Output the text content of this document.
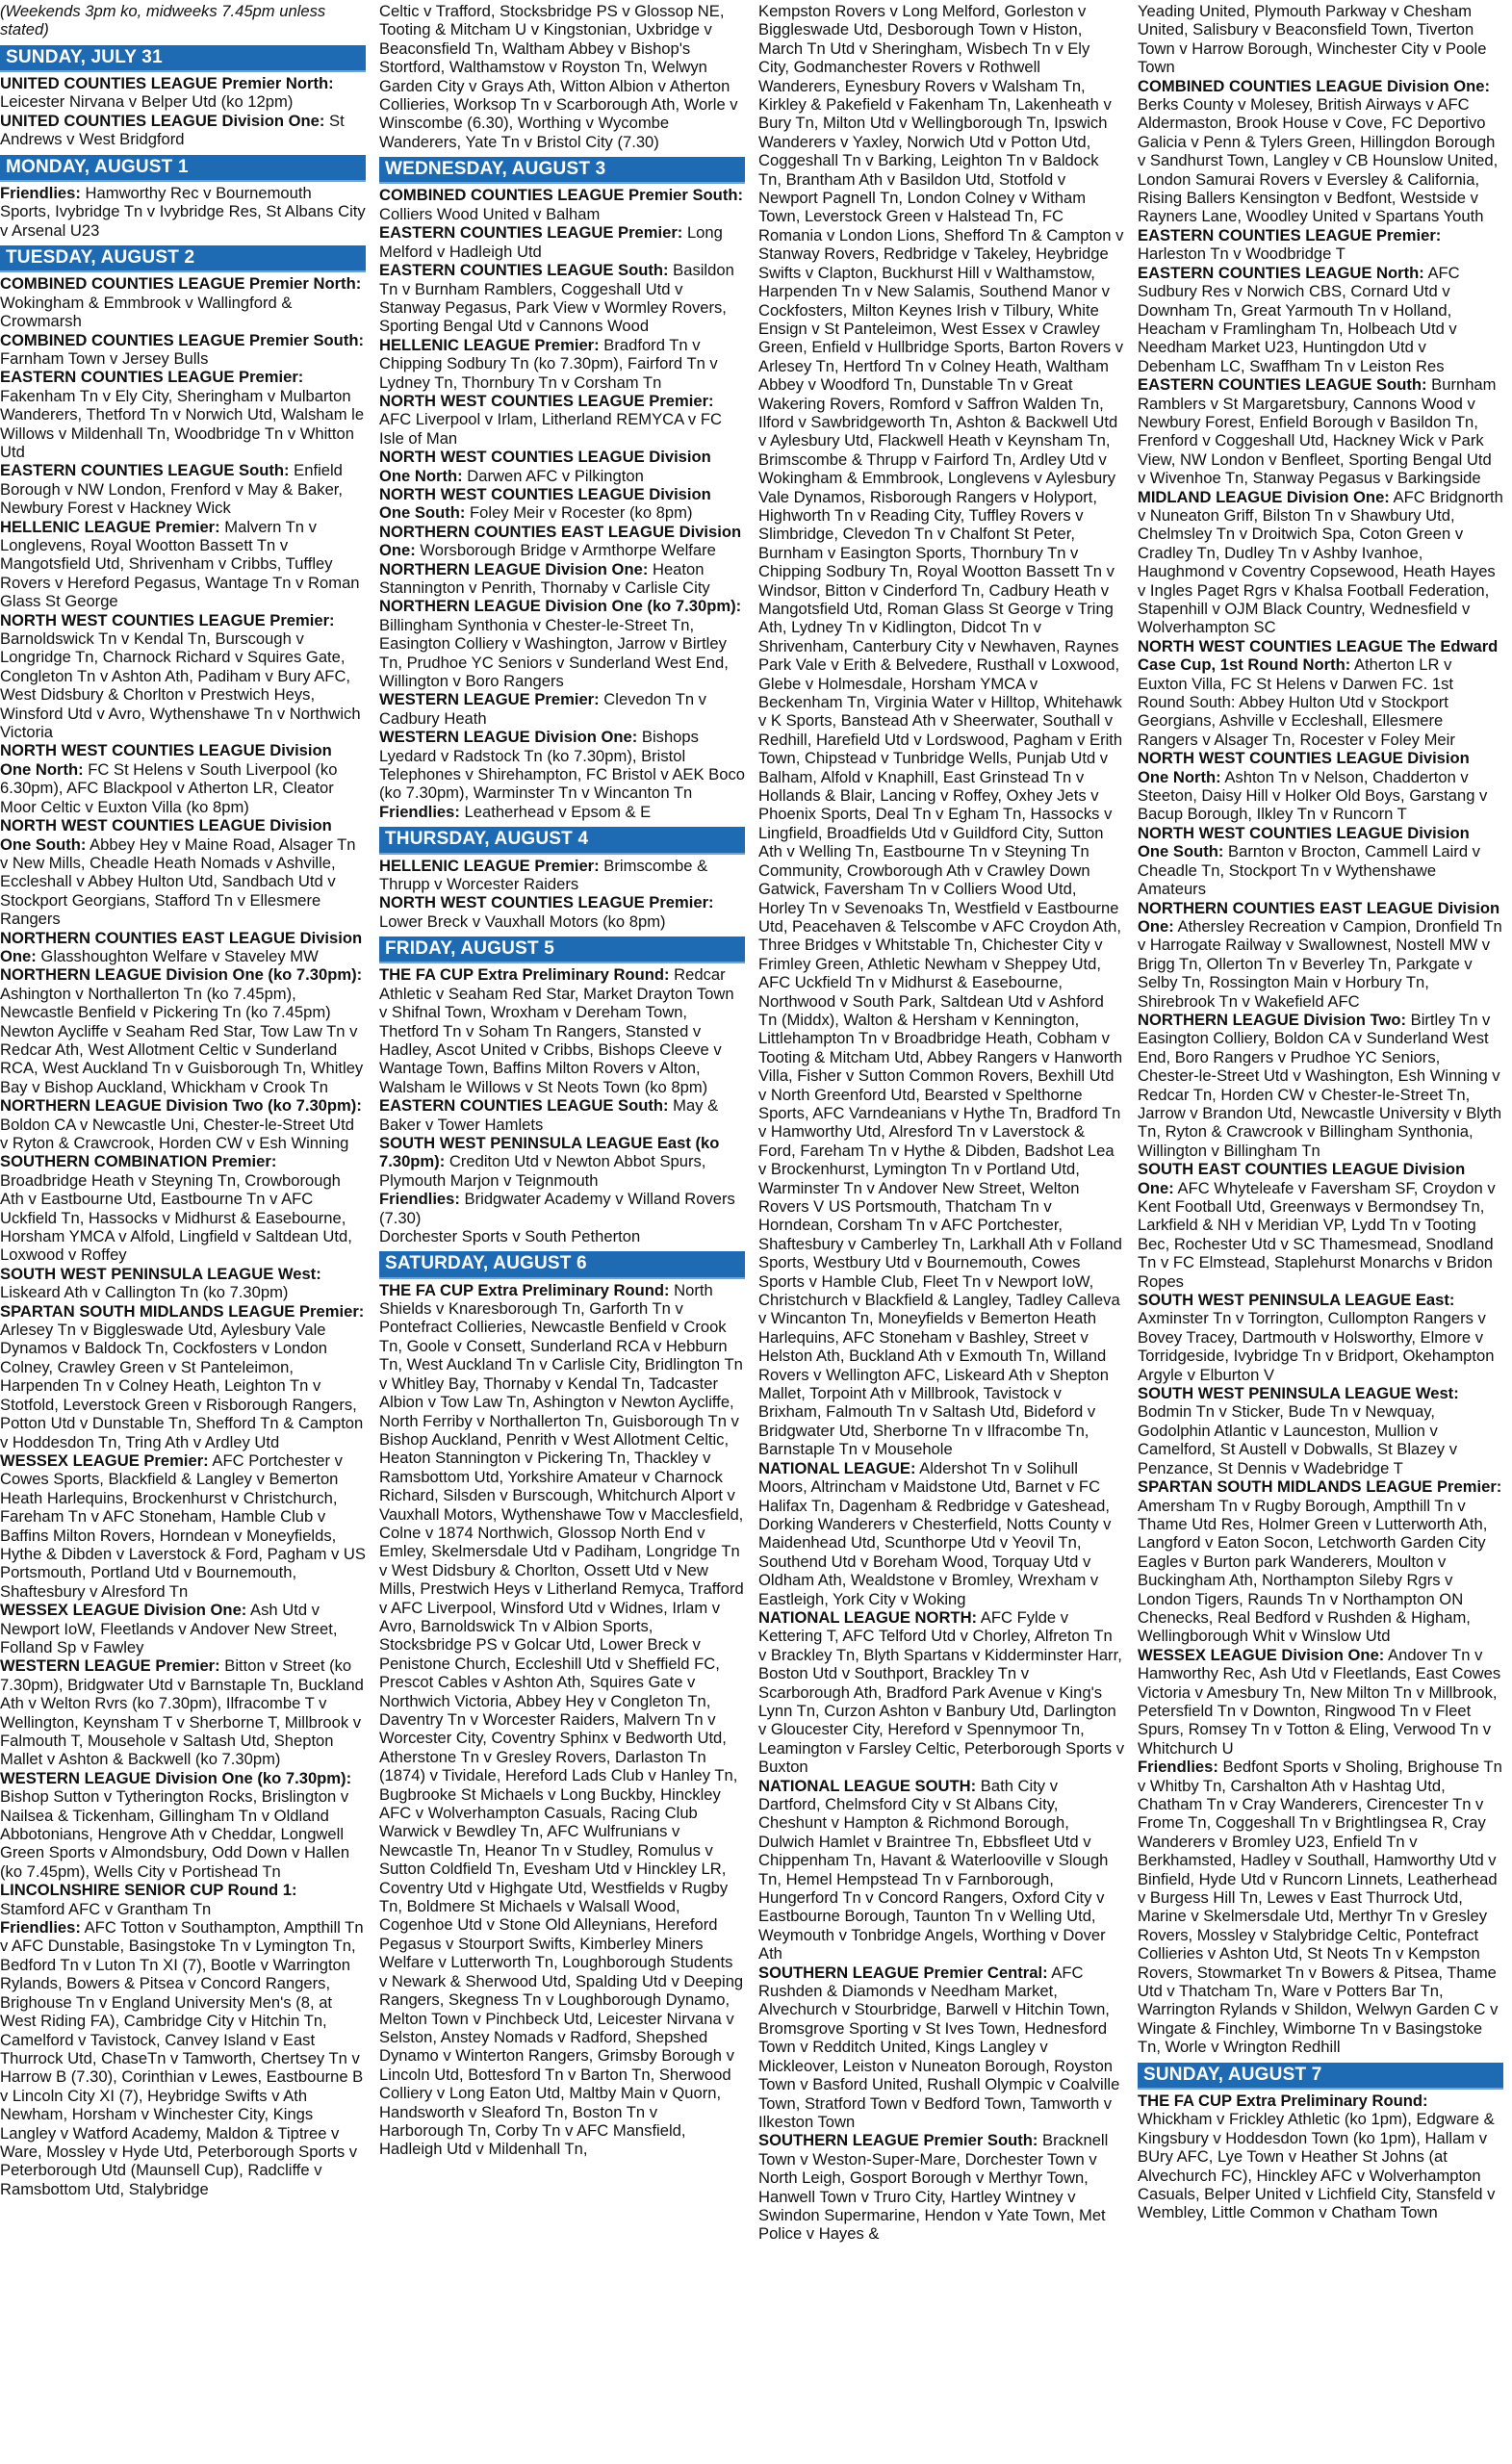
(Weekends 3pm ko, midweeks 7.45pm unless stated)

SUNDAY, JULY 31

UNITED COUNTIES LEAGUE Premier North: Leicester Nirvana v Belper Utd (ko 12pm)

UNITED COUNTIES LEAGUE Division One: St Andrews v West Bridgford

MONDAY, AUGUST 1

Friendlies: Hamworthy Rec v Bournemouth Sports, Ivybridge Tn v Ivybridge Res, St Albans City v Arsenal U23

TUESDAY, AUGUST 2

COMBINED COUNTIES LEAGUE Premier North: Wokingham & Emmbrook v Wallingford & Crowmarsh

COMBINED COUNTIES LEAGUE Premier South: Farnham Town v Jersey Bulls

EASTERN COUNTIES LEAGUE Premier: Fakenham Tn v Ely City, Sheringham v Mulbarton Wanderers, Thetford Tn v Norwich Utd, Walsham le Willows v Mildenhall Tn, Woodbridge Tn v Whitton Utd

EASTERN COUNTIES LEAGUE South: Enfield Borough v NW London, Frenford v May & Baker, Newbury Forest v Hackney Wick

HELLENIC LEAGUE Premier: Malvern Tn v Longlevens, Royal Wootton Bassett Tn v Mangotsfield Utd, Shrivenham v Cribbs, Tuffley Rovers v Hereford Pegasus, Wantage Tn v Roman Glass St George

NORTH WEST COUNTIES LEAGUE Premier: Barnoldswick Tn v Kendal Tn, Burscough v Longridge Tn, Charnock Richard v Squires Gate, Congleton Tn v Ashton Ath, Padiham v Bury AFC, West Didsbury & Chorlton v Prestwich Heys, Winsford Utd v Avro, Wythenshawe Tn v Northwich Victoria

NORTH WEST COUNTIES LEAGUE Division One North: FC St Helens v South Liverpool (ko 6.30pm), AFC Blackpool v Atherton LR, Cleator Moor Celtic v Euxton Villa (ko 8pm)

NORTH WEST COUNTIES LEAGUE Division One South: Abbey Hey v Maine Road, Alsager Tn v New Mills, Cheadle Heath Nomads v Ashville, Eccleshall v Abbey Hulton Utd, Sandbach Utd v Stockport Georgians, Stafford Tn v Ellesmere Rangers

NORTHERN COUNTIES EAST LEAGUE Division One: Glasshoughton Welfare v Staveley MW

NORTHERN LEAGUE Division One (ko 7.30pm): Ashington v Northallerton Tn (ko 7.45pm), Newcastle Benfield v Pickering Tn (ko 7.45pm) Newton Aycliffe v Seaham Red Star, Tow Law Tn v Redcar Ath, West Allotment Celtic v Sunderland RCA, West Auckland Tn v Guisborough Tn, Whitley Bay v Bishop Auckland, Whickham v Crook Tn

NORTHERN LEAGUE Division Two (ko 7.30pm): Boldon CA v Newcastle Uni, Chester-le-Street Utd v Ryton & Crawcrook, Horden CW v Esh Winning

SOUTHERN COMBINATION Premier: Broadbridge Heath v Steyning Tn, Crowborough Ath v Eastbourne Utd, Eastbourne Tn v AFC Uckfield Tn, Hassocks v Midhurst & Easebourne, Horsham YMCA v Alfold, Lingfield v Saltdean Utd, Loxwood v Roffey

SOUTH WEST PENINSULA LEAGUE West: Liskeard Ath v Callington Tn (ko 7.30pm)

SPARTAN SOUTH MIDLANDS LEAGUE Premier: Arlesey Tn v Biggleswade Utd, Aylesbury Vale Dynamos v Baldock Tn, Cockfosters v London Colney, Crawley Green v St Panteleimon, Harpenden Tn v Colney Heath, Leighton Tn v Stotfold, Leverstock Green v Risborough Rangers, Potton Utd v Dunstable Tn, Shefford Tn & Campton v Hoddesdon Tn, Tring Ath v Ardley Utd

WESSEX LEAGUE Premier: AFC Portchester v Cowes Sports, Blackfield & Langley v Bemerton Heath Harlequins, Brockenhurst v Christchurch, Fareham Tn v AFC Stoneham, Hamble Club v Baffins Milton Rovers, Horndean v Moneyfields, Hythe & Dibden v Laverstock & Ford, Pagham v US Portsmouth, Portland Utd v Bournemouth, Shaftesbury v Alresford Tn

WESSEX LEAGUE Division One: Ash Utd v Newport IoW, Fleetlands v Andover New Street, Folland Sp v Fawley

WESTERN LEAGUE Premier: Bitton v Street (ko 7.30pm), Bridgwater Utd v Barnstaple Tn, Buckland Ath v Welton Rvrs (ko 7.30pm), Ilfracombe T v Wellington, Keynsham T v Sherborne T, Millbrook v Falmouth T, Mousehole v Saltash Utd, Shepton Mallet v Ashton & Backwell (ko 7.30pm)

WESTERN LEAGUE Division One (ko 7.30pm): Bishop Sutton v Tytherington Rocks, Brislington v Nailsea & Tickenham, Gillingham Tn v Oldland Abbotonians, Hengrove Ath v Cheddar, Longwell Green Sports v Almondsbury, Odd Down v Hallen (ko 7.45pm), Wells City v Portishead Tn

LINCOLNSHIRE SENIOR CUP Round 1: Stamford AFC v Grantham Tn

Friendlies: AFC Totton v Southampton, Ampthill Tn v AFC Dunstable, Basingstoke Tn v Lymington Tn, Bedford Tn v Luton Tn XI (7), Bootle v Warrington Rylands, Bowers & Pitsea v Concord Rangers, Brighouse Tn v England University Men's (8, at West Riding FA), Cambridge City v Hitchin Tn, Camelford v Tavistock, Canvey Island v East Thurrock Utd, ChaseTn v Tamworth, Chertsey Tn v Harrow B (7.30), Corinthian v Lewes, Eastbourne B v Lincoln City XI (7), Heybridge Swifts v Ath Newham, Horsham v Winchester City, Kings Langley v Watford Academy, Maldon & Tiptree v Ware, Mossley v Hyde Utd, Peterborough Sports v Peterborough Utd (Maunsell Cup), Radcliffe v Ramsbottom Utd, Stalybridge

Celtic v Trafford, Stocksbridge PS v Glossop NE, Tooting & Mitcham U v Kingstonian, Uxbridge v Beaconsfield Tn, Waltham Abbey v Bishop's Stortford, Walthamstow v Royston Tn, Welwyn Garden City v Grays Ath, Witton Albion v Atherton Collieries, Worksop Tn v Scarborough Ath, Worle v Winscombe (6.30), Worthing v Wycombe Wanderers, Yate Tn v Bristol City (7.30)

WEDNESDAY, AUGUST 3

COMBINED COUNTIES LEAGUE Premier South: Colliers Wood United v Balham

EASTERN COUNTIES LEAGUE Premier: Long Melford v Hadleigh Utd

EASTERN COUNTIES LEAGUE South: Basildon Tn v Burnham Ramblers, Coggeshall Utd v Stanway Pegasus, Park View v Wormley Rovers, Sporting Bengal Utd v Cannons Wood

HELLENIC LEAGUE Premier: Bradford Tn v Chipping Sodbury Tn (ko 7.30pm), Fairford Tn v Lydney Tn, Thornbury Tn v Corsham Tn

NORTH WEST COUNTIES LEAGUE Premier: AFC Liverpool v Irlam, Litherland REMYCA v FC Isle of Man

NORTH WEST COUNTIES LEAGUE Division One North: Darwen AFC v Pilkington

NORTH WEST COUNTIES LEAGUE Division One South: Foley Meir v Rocester (ko 8pm)

NORTHERN COUNTIES EAST LEAGUE Division One: Worsborough Bridge v Armthorpe Welfare

NORTHERN LEAGUE Division One: Heaton Stannington v Penrith, Thornaby v Carlisle City

NORTHERN LEAGUE Division One (ko 7.30pm): Billingham Synthonia v Chester-le-Street Tn, Easington Colliery v Washington, Jarrow v Birtley Tn, Prudhoe YC Seniors v Sunderland West End, Willington v Boro Rangers

WESTERN LEAGUE Premier: Clevedon Tn v Cadbury Heath

WESTERN LEAGUE Division One: Bishops Lyedard v Radstock Tn (ko 7.30pm), Bristol Telephones v Shirehampton, FC Bristol v AEK Boco (ko 7.30pm), Warminster Tn v Wincanton Tn

Friendlies: Leatherhead v Epsom & E

THURSDAY, AUGUST 4

HELLENIC LEAGUE Premier: Brimscombe & Thrupp v Worcester Raiders

NORTH WEST COUNTIES LEAGUE Premier: Lower Breck v Vauxhall Motors (ko 8pm)

FRIDAY, AUGUST 5

THE FA CUP Extra Preliminary Round: Redcar Athletic v Seaham Red Star, Market Drayton Town v Shifnal Town, Wroxham v Dereham Town, Thetford Tn v Soham Tn Rangers, Stansted v Hadley, Ascot United v Cribbs, Bishops Cleeve v Wantage Town, Baffins Milton Rovers v Alton, Walsham le Willows v St Neots Town (ko 8pm)

EASTERN COUNTIES LEAGUE South: May & Baker v Tower Hamlets

SOUTH WEST PENINSULA LEAGUE East (ko 7.30pm): Crediton Utd v Newton Abbot Spurs, Plymouth Marjon v Teignmouth

Friendlies: Bridgwater Academy v Willand Rovers (7.30)

Dorchester Sports v South Petherton

SATURDAY, AUGUST 6

THE FA CUP Extra Preliminary Round: North Shields v Knaresborough Tn, Garforth Tn v Pontefract Collieries, Newcastle Benfield v Crook Tn, Goole v Consett, Sunderland RCA v Hebburn Tn, West Auckland Tn v Carlisle City, Bridlington Tn v Whitley Bay, Thornaby v Kendal Tn, Tadcaster Albion v Tow Law Tn, Ashington v Newton Aycliffe, North Ferriby v Northallerton Tn, Guisborough Tn v Bishop Auckland, Penrith v West Allotment Celtic, Heaton Stannington v Pickering Tn, Thackley v Ramsbottom Utd, Yorkshire Amateur v Charnock Richard, Silsden v Burscough, Whitchurch Alport v Vauxhall Motors, Wythenshawe Tow v Macclesfield, Colne v 1874 Northwich, Glossop North End v Emley, Skelmersdale Utd v Padiham, Longridge Tn v West Didsbury & Chorlton, Ossett Utd v New Mills, Prestwich Heys v Litherland Remyca, Trafford v AFC Liverpool, Winsford Utd v Widnes, Irlam v Avro, Barnoldswick Tn v Albion Sports, Stocksbridge PS v Golcar Utd, Lower Breck v Penistone Church, Eccleshill Utd v Sheffield FC, Prescot Cables v Ashton Ath, Squires Gate v Northwich Victoria, Abbey Hey v Congleton Tn, Daventry Tn v Worcester Raiders, Malvern Tn v Worcester City, Coventry Sphinx v Bedworth Utd, Atherstone Tn v Gresley Rovers, Darlaston Tn (1874) v Tividale, Hereford Lads Club v Hanley Tn, Bugbrooke St Michaels v Long Buckby, Hinckley AFC v Wolverhampton Casuals, Racing Club Warwick v Bewdley Tn, AFC Wulfrunians v Newcastle Tn, Heanor Tn v Studley, Romulus v Sutton Coldfield Tn, Evesham Utd v Hinckley LR, Coventry Utd v Highgate Utd, Westfields v Rugby Tn, Boldmere St Michaels v Walsall Wood, Cogenhoe Utd v Stone Old Alleynians, Hereford Pegasus v Stourport Swifts, Kimberley Miners Welfare v Lutterworth Tn, Loughborough Students v Newark & Sherwood Utd, Spalding Utd v Deeping Rangers, Skegness Tn v Loughborough Dynamo, Melton Town v Pinchbeck Utd, Leicester Nirvana v Selston, Anstey Nomads v Radford, Shepshed Dynamo v Winterton Rangers, Grimsby Borough v Lincoln Utd, Bottesford Tn v Barton Tn, Sherwood Colliery v Long Eaton Utd, Maltby Main v Quorn, Handsworth v Sleaford Tn, Boston Tn v Harborough Tn, Corby Tn v AFC Mansfield, Hadleigh Utd v Mildenhall Tn,

Kempston Rovers v Long Melford, Gorleston v Biggleswade Utd, Desborough Town v Histon, March Tn Utd v Sheringham, Wisbech Tn v Ely City, Godmanchester Rovers v Rothwell Wanderers, Eynesbury Rovers v Walsham Tn, Kirkley & Pakefield v Fakenham Tn, Lakenheath v Bury Tn, Milton Utd v Wellingborough Tn, Ipswich Wanderers v Yaxley, Norwich Utd v Potton Utd, Coggeshall Tn v Barking, Leighton Tn v Baldock Tn, Brantham Ath v Basildon Utd, Stotfold v Newport Pagnell Tn, London Colney v Witham Town, Leverstock Green v Halstead Tn, FC Romania v London Lions, Shefford Tn & Campton v Stanway Rovers, Redbridge v Takeley, Heybridge Swifts v Clapton, Buckhurst Hill v Walthamstow, Harpenden Tn v New Salamis, Southend Manor v Cockfosters, Milton Keynes Irish v Tilbury, White Ensign v St Panteleimon, West Essex v Crawley Green, Enfield v Hullbridge Sports, Barton Rovers v Arlesey Tn, Hertford Tn v Colney Heath, Waltham Abbey v Woodford Tn, Dunstable Tn v Great Wakering Rovers, Romford v Saffron Walden Tn, Ilford v Sawbridgeworth Tn, Ashton & Backwell Utd v Aylesbury Utd, Flackwell Heath v Keynsham Tn, Brimscombe & Thrupp v Fairford Tn, Ardley Utd v Wokingham & Emmbrook, Longlevens v Aylesbury Vale Dynamos, Risborough Rangers v Holyport, Highworth Tn v Reading City, Tuffley Rovers v Slimbridge, Clevedon Tn v Chalfont St Peter, Burnham v Easington Sports, Thornbury Tn v Chipping Sodbury Tn, Royal Wootton Bassett Tn v Windsor, Bitton v Cinderford Tn, Cadbury Heath v Mangotsfield Utd, Roman Glass St George v Tring Ath, Lydney Tn v Kidlington, Didcot Tn v Shrivenham, Canterbury City v Newhaven, Raynes Park Vale v Erith & Belvedere, Rusthall v Loxwood, Glebe v Holmesdale, Horsham YMCA v Beckenham Tn, Virginia Water v Hilltop, Whitehawk v K Sports, Banstead Ath v Sheerwater, Southall v Redhill, Harefield Utd v Lordswood, Pagham v Erith Town, Chipstead v Tunbridge Wells, Punjab Utd v Balham, Alfold v Knaphill, East Grinstead Tn v Hollands & Blair, Lancing v Roffey, Oxhey Jets v Phoenix Sports, Deal Tn v Egham Tn, Hassocks v Lingfield, Broadfields Utd v Guildford City, Sutton Ath v Welling Tn, Eastbourne Tn v Steyning Tn Community, Crowborough Ath v Crawley Down Gatwick, Faversham Tn v Colliers Wood Utd, Horley Tn v Sevenoaks Tn, Westfield v Eastbourne Utd, Peacehaven & Telscombe v AFC Croydon Ath, Three Bridges v Whitstable Tn, Chichester City v Frimley Green, Athletic Newham v Sheppey Utd, AFC Uckfield Tn v Midhurst & Easebourne, Northwood v South Park, Saltdean Utd v Ashford Tn (Middx), Walton & Hersham v Kennington, Littlehampton Tn v Broadbridge Heath, Cobham v Tooting & Mitcham Utd, Abbey Rangers v Hanworth Villa, Fisher v Sutton Common Rovers, Bexhill Utd v North Greenford Utd, Bearsted v Spelthorne Sports, AFC Varndeanians v Hythe Tn, Bradford Tn v Hamworthy Utd, Alresford Tn v Laverstock & Ford, Fareham Tn v Hythe & Dibden, Badshot Lea v Brockenhurst, Lymington Tn v Portland Utd, Warminster Tn v Andover New Street, Welton Rovers V US Portsmouth, Thatcham Tn v Horndean, Corsham Tn v AFC Portchester, Shaftesbury v Camberley Tn, Larkhall Ath v Folland Sports, Westbury Utd v Bournemouth, Cowes Sports v Hamble Club, Fleet Tn v Newport IoW, Christchurch v Blackfield & Langley, Tadley Calleva v Wincanton Tn, Moneyfields v Bemerton Heath Harlequins, AFC Stoneham v Bashley, Street v Helston Ath, Buckland Ath v Exmouth Tn, Willand Rovers v Wellington AFC, Liskeard Ath v Shepton Mallet, Torpoint Ath v Millbrook, Tavistock v Brixham, Falmouth Tn v Saltash Utd, Bideford v Bridgwater Utd, Sherborne Tn v Ilfracombe Tn, Barnstaple Tn v Mousehole

NATIONAL LEAGUE: Aldershot Tn v Solihull Moors, Altrincham v Maidstone Utd, Barnet v FC Halifax Tn, Dagenham & Redbridge v Gateshead, Dorking Wanderers v Chesterfield, Notts County v Maidenhead Utd, Scunthorpe Utd v Yeovil Tn, Southend Utd v Boreham Wood, Torquay Utd v Oldham Ath, Wealdstone v Bromley, Wrexham v Eastleigh, York City v Woking

NATIONAL LEAGUE NORTH: AFC Fylde v Kettering T, AFC Telford Utd v Chorley, Alfreton Tn v Brackley Tn, Blyth Spartans v Kidderminster Harr, Boston Utd v Southport, Brackley Tn v Scarborough Ath, Bradford Park Avenue v King's Lynn Tn, Curzon Ashton v Banbury Utd, Darlington v Gloucester City, Hereford v Spennymoor Tn, Leamington v Farsley Celtic, Peterborough Sports v Buxton

NATIONAL LEAGUE SOUTH: Bath City v Dartford, Chelmsford City v St Albans City, Cheshunt v Hampton & Richmond Borough, Dulwich Hamlet v Braintree Tn, Ebbsfleet Utd v Chippenham Tn, Havant & Waterlooville v Slough Tn, Hemel Hempstead Tn v Farnborough, Hungerford Tn v Concord Rangers, Oxford City v Eastbourne Borough, Taunton Tn v Welling Utd, Weymouth v Tonbridge Angels, Worthing v Dover Ath

SOUTHERN LEAGUE Premier Central: AFC Rushden & Diamonds v Needham Market, Alvechurch v Stourbridge, Barwell v Hitchin Town, Bromsgrove Sporting v St Ives Town, Hednesford Town v Redditch United, Kings Langley v Mickleover, Leiston v Nuneaton Borough, Royston Town v Basford United, Rushall Olympic v Coalville Town, Stratford Town v Bedford Town, Tamworth v Ilkeston Town

SOUTHERN LEAGUE Premier South: Bracknell Town v Weston-Super-Mare, Dorchester Town v North Leigh, Gosport Borough v Merthyr Town, Hanwell Town v Truro City, Hartley Wintney v Swindon Supermarine, Hendon v Yate Town, Met Police v Hayes &

Yeading United, Plymouth Parkway v Chesham United, Salisbury v Beaconsfield Town, Tiverton Town v Harrow Borough, Winchester City v Poole Town

COMBINED COUNTIES LEAGUE Division One: Berks County v Molesey, British Airways v AFC Aldermaston, Brook House v Cove, FC Deportivo Galicia v Penn & Tylers Green, Hillingdon Borough v Sandhurst Town, Langley v CB Hounslow United, London Samurai Rovers v Eversley & California, Rising Ballers Kensington v Bedfont, Westside v Rayners Lane, Woodley United v Spartans Youth

EASTERN COUNTIES LEAGUE Premier: Harleston Tn v Woodbridge T

EASTERN COUNTIES LEAGUE North: AFC Sudbury Res v Norwich CBS, Cornard Utd v Downham Tn, Great Yarmouth Tn v Holland, Heacham v Framlingham Tn, Holbeach Utd v Needham Market U23, Huntingdon Utd v Debenham LC, Swaffham Tn v Leiston Res

EASTERN COUNTIES LEAGUE South: Burnham Ramblers v St Margaretsbury, Cannons Wood v Newbury Forest, Enfield Borough v Basildon Tn, Frenford v Coggeshall Utd, Hackney Wick v Park View, NW London v Benfleet, Sporting Bengal Utd v Wivenhoe Tn, Stanway Pegasus v Barkingside

MIDLAND LEAGUE Division One: AFC Bridgnorth v Nuneaton Griff, Bilston Tn v Shawbury Utd, Chelmsley Tn v Droitwich Spa, Coton Green v Cradley Tn, Dudley Tn v Ashby Ivanhoe, Haughmond v Coventry Copsewood, Heath Hayes v Ingles Paget Rgrs v Khalsa Football Federation, Stapenhill v OJM Black Country, Wednesfield v Wolverhampton SC

NORTH WEST COUNTIES LEAGUE The Edward Case Cup, 1st Round North: Atherton LR v Euxton Villa, FC St Helens v Darwen FC. 1st Round South: Abbey Hulton Utd v Stockport Georgians, Ashville v Eccleshall, Ellesmere Rangers v Alsager Tn, Rocester v Foley Meir

NORTH WEST COUNTIES LEAGUE Division One North: Ashton Tn v Nelson, Chadderton v Steeton, Daisy Hill v Holker Old Boys, Garstang v Bacup Borough, Ilkley Tn v Runcorn T

NORTH WEST COUNTIES LEAGUE Division One South: Barnton v Brocton, Cammell Laird v Cheadle Tn, Stockport Tn v Wythenshawe Amateurs

NORTHERN COUNTIES EAST LEAGUE Division One: Athersley Recreation v Campion, Dronfield Tn v Harrogate Railway v Swallownest, Nostell MW v Brigg Tn, Ollerton Tn v Beverley Tn, Parkgate v Selby Tn, Rossington Main v Horbury Tn, Shirebrook Tn v Wakefield AFC

NORTHERN LEAGUE Division Two: Birtley Tn v Easington Colliery, Boldon CA v Sunderland West End, Boro Rangers v Prudhoe YC Seniors, Chester-le-Street Utd v Washington, Esh Winning v Redcar Tn, Horden CW v Chester-le-Street Tn, Jarrow v Brandon Utd, Newcastle University v Blyth Tn, Ryton & Crawcrook v Billingham Synthonia, Willington v Billingham Tn

SOUTH EAST COUNTIES LEAGUE Division One: AFC Whyteleafe v Faversham SF, Croydon v Kent Football Utd, Greenways v Bermondsey Tn, Larkfield & NH v Meridian VP, Lydd Tn v Tooting Bec, Rochester Utd v SC Thamesmead, Snodland Tn v FC Elmstead, Staplehurst Monarchs v Bridon Ropes

SOUTH WEST PENINSULA LEAGUE East: Axminster Tn v Torrington, Cullompton Rangers v Bovey Tracey, Dartmouth v Holsworthy, Elmore v Torridgeside, Ivybridge Tn v Bridport, Okehampton Argyle v Elburton V

SOUTH WEST PENINSULA LEAGUE West: Bodmin Tn v Sticker, Bude Tn v Newquay, Godolphin Atlantic v Launceston, Mullion v Camelford, St Austell v Dobwalls, St Blazey v Penzance, St Dennis v Wadebridge T

SPARTAN SOUTH MIDLANDS LEAGUE Premier: Amersham Tn v Rugby Borough, Ampthill Tn v Thame Utd Res, Holmer Green v Lutterworth Ath, Langford v Eaton Socon, Letchworth Garden City Eagles v Burton park Wanderers, Moulton v Buckingham Ath, Northampton Sileby Rgrs v London Tigers, Raunds Tn v Northampton ON Chenecks, Real Bedford v Rushden & Higham, Wellingborough Whit v Winslow Utd

WESSEX LEAGUE Division One: Andover Tn v Hamworthy Rec, Ash Utd v Fleetlands, East Cowes Victoria v Amesbury Tn, New Milton Tn v Millbrook, Petersfield Tn v Downton, Ringwood Tn v Fleet Spurs, Romsey Tn v Totton & Eling, Verwood Tn v Whitchurch U

Friendlies: Bedfont Sports v Sholing, Brighouse Tn v Whitby Tn, Carshalton Ath v Hashtag Utd, Chatham Tn v Cray Wanderers, Cirencester Tn v Frome Tn, Coggeshall Tn v Brightlingsea R, Cray Wanderers v Bromley U23, Enfield Tn v Berkhamsted, Hadley v Southall, Hamworthy Utd v Binfield, Hyde Utd v Runcorn Linnets, Leatherhead v Burgess Hill Tn, Lewes v East Thurrock Utd, Marine v Skelmersdale Utd, Merthyr Tn v Gresley Rovers, Mossley v Stalybridge Celtic, Pontefract Collieries v Ashton Utd, St Neots Tn v Kempston Rovers, Stowmarket Tn v Bowers & Pitsea, Thame Utd v Thatcham Tn, Ware v Potters Bar Tn, Warrington Rylands v Shildon, Welwyn Garden C v Wingate & Finchley, Wimborne Tn v Basingstoke Tn, Worle v Wrington Redhill

SUNDAY, AUGUST 7

THE FA CUP Extra Preliminary Round: Whickham v Frickley Athletic (ko 1pm), Edgware & Kingsbury v Hoddesdon Town (ko 1pm), Hallam v BUry AFC, Lye Town v Heather St Johns (at Alvechurch FC), Hinckley AFC v Wolverhampton Casuals, Belper United v Lichfield City, Stansfeld v Wembley, Little Common v Chatham Town
